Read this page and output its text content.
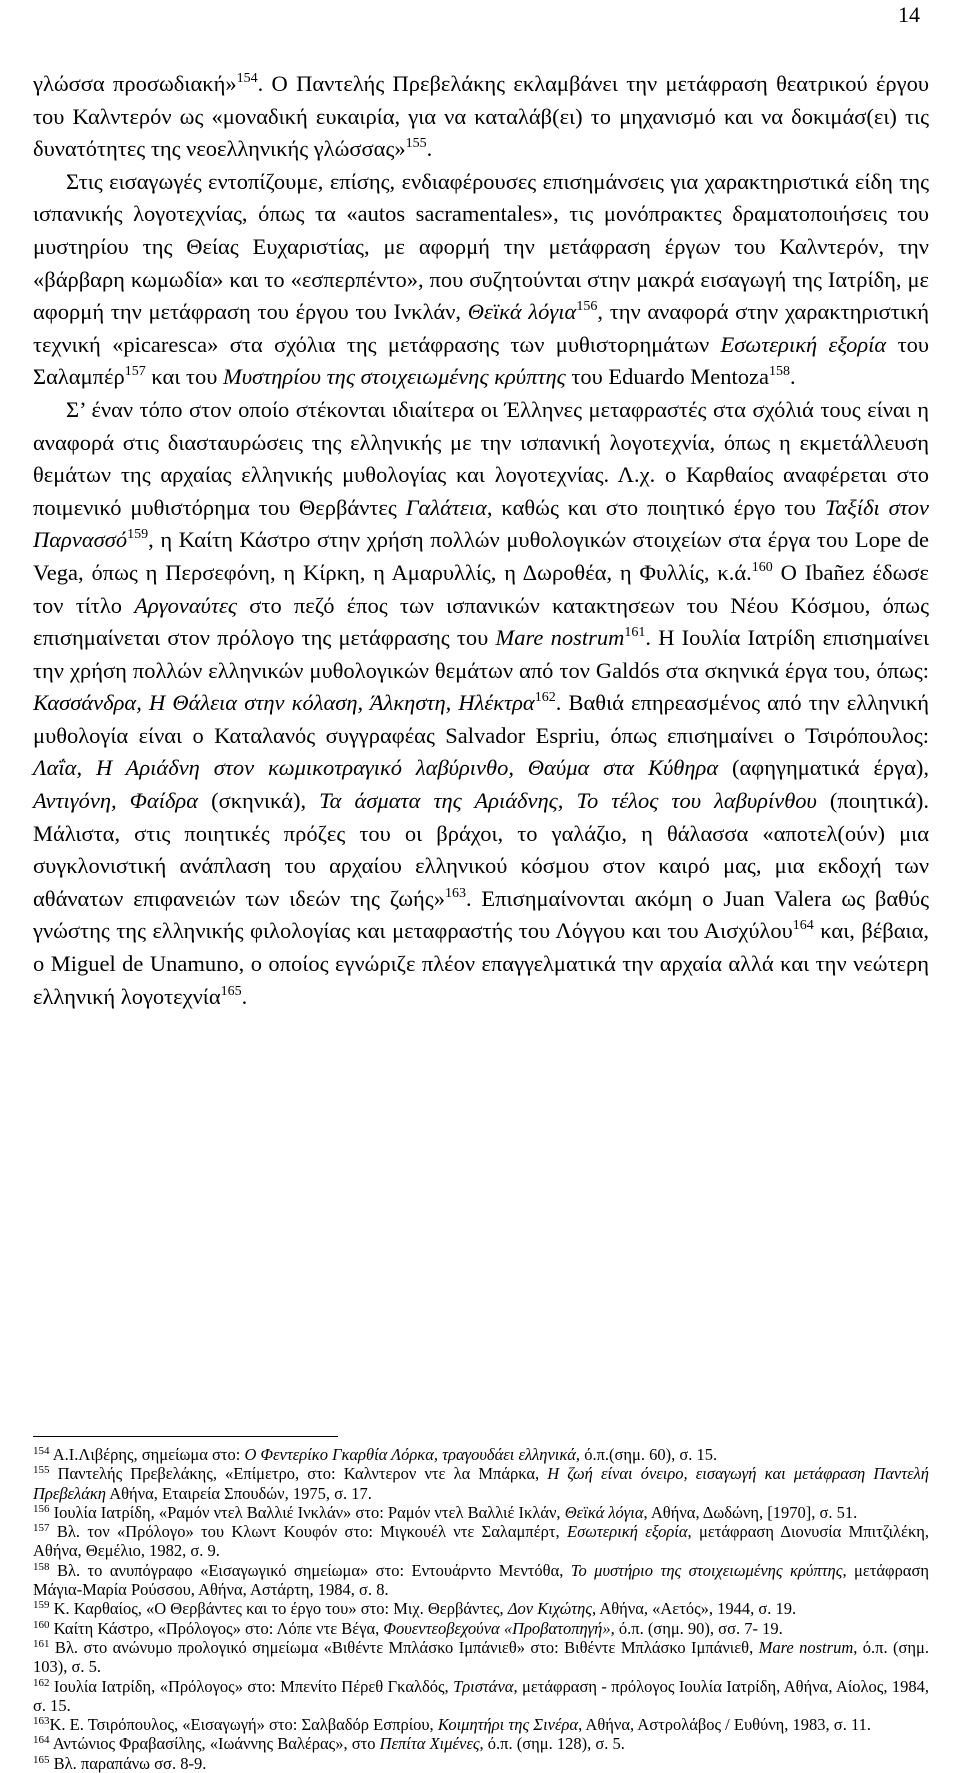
14

γλώσσα προσωδιακή»$^{154}$. Ο Παντελής Πρεβελάκης εκλαμβάνει την μετάφραση θεατρικού έργου του Καλντερόν ως «μοναδική ευκαιρία, για να καταλάβ(ει) το μηχανισμό και να δοκιμάσ(ει) τις δυνατότητες της νεοελληνικής γλώσσας»$^{155}$.

Στις εισαγωγές εντοπίζουμε, επίσης, ενδιαφέρουσες επισημάνσεις για χαρακτηριστικά είδη της ισπανικής λογοτεχνίας, όπως τα «autos sacramentales», τις μονόπρακτες δραματοποιήσεις του μυστηρίου της Θείας Ευχαριστίας, με αφορμή την μετάφραση έργων του Καλντερόν, την «βάρβαρη κωμωδία» και το «εσπερπέντο», που συζητούνται στην μακρά εισαγωγή της Ιατρίδη, με αφορμή την μετάφραση του έργου του Ινκλάν, Θεϊκά λόγια$^{156}$, την αναφορά στην χαρακτηριστική τεχνική «picaresca» στα σχόλια της μετάφρασης των μυθιστορημάτων Εσωτερική εξορία του Σαλαμπέρ$^{157}$ και του Μυστηρίου της στοιχειωμένης κρύπτης του Eduardo Mentoza$^{158}$.

Σ’ έναν τόπο στον οποίο στέκονται ιδιαίτερα οι Έλληνες μεταφραστές στα σχόλιά τους είναι η αναφορά στις διασταυρώσεις της ελληνικής με την ισπανική λογοτεχνία, όπως η εκμετάλλευση θεμάτων της αρχαίας ελληνικής μυθολογίας και λογοτεχνίας. Λ.χ. ο Καρθαίος αναφέρεται στο ποιμενικό μυθιστόρημα του Θερβάντες Γαλάτεια, καθώς και στο ποιητικό έργο του Ταξίδι στον Παρνασσό$^{159}$, η Καίτη Κάστρο στην χρήση πολλών μυθολογικών στοιχείων στα έργα του Lope de Vega, όπως η Περσεφόνη, η Κίρκη, η Αμαρυλλίς, η Δωροθέα, η Φυλλίς, κ.ά.$^{160}$ Ο Ibañez έδωσε τον τίτλο Αργοναύτες στο πεζό έπος των ισπανικών κατακτησεων του Νέου Κόσμου, όπως επισημαίνεται στον πρόλογο της μετάφρασης του Mare nostrum$^{161}$. Η Ιουλία Ιατρίδη επισημαίνει την χρήση πολλών ελληνικών μυθολογικών θεμάτων από τον Galdós στα σκηνικά έργα του, όπως: Κασσάνδρα, Η Θάλεια στην κόλαση, Άλκηστη, Ηλέκτρα$^{162}$. Βαθιά επηρεασμένος από την ελληνική μυθολογία είναι ο Καταλανός συγγραφέας Salvador Espriu, όπως επισημαίνει ο Τσιρόπουλος: Λαΐα, Η Αριάδνη στον κωμικοτραγικό λαβύρινθο, Θαύμα στα Κύθηρα (αφηγηματικά έργα), Αντιγόνη, Φαίδρα (σκηνικά), Τα άσματα της Αριάδνης, Το τέλος του λαβυρίνθου (ποιητικά). Μάλιστα, στις ποιητικές πρόζες του οι βράχοι, το γαλάζιο, η θάλασσα «αποτελ(ούν) μια συγκλονιστική ανάπλαση του αρχαίου ελληνικού κόσμου στον καιρό μας, μια εκδοχή των αθάνατων επιφανειών των ιδεών της ζωής»$^{163}$. Επισημαίνονται ακόμη ο Juan Valera ως βαθύς γνώστης της ελληνικής φιλολογίας και μεταφραστής του Λόγγου και του Αισχύλου$^{164}$ και, βέβαια, ο Miguel de Unamuno, ο οποίος εγνώριζε πλέον επαγγελματικά την αρχαία αλλά και την νεώτερη ελληνική λογοτεχνία$^{165}$.

$^{154}$ Α.Ι.Λιβέρης, σημείωμα στο: Ο Φεντερίκο Γκαρθία Λόρκα, τραγουδάει ελληνικά, ό.π.(σημ. 60), σ. 15.

$^{155}$ Παντελής Πρεβελάκης, «Επίμετρο, στο: Καλντερον ντε λα Μπάρκα, Η ζωή είναι όνειρο, εισαγωγή και μετάφραση Παντελή Πρεβελάκη Αθήνα, Εταιρεία Σπουδών, 1975, σ. 17.

$^{156}$ Ιουλία Ιατρίδη, «Ραμόν ντελ Βαλλιέ Ινκλάν» στο: Ραμόν ντελ Βαλλιέ Ικλάν, Θεϊκά λόγια, Αθήνα, Δωδώνη, [1970], σ. 51.

$^{157}$ Βλ. τον «Πρόλογο» του Κλωντ Κουφόν στο: Μιγκουέλ ντε Σαλαμπέρτ, Εσωτερική εξορία, μετάφραση Διονυσία Μπιτζιλέκη, Αθήνα, Θεμέλιο, 1982, σ. 9.

$^{158}$ Βλ. το ανυπόγραφο «Εισαγωγικό σημείωμα» στο: Εντουάρντο Μεντόθα, Το μυστήριο της στοιχειωμένης κρύπτης, μετάφραση Μάγια-Μαρία Ρούσσου, Αθήνα, Αστάρτη, 1984, σ. 8.

$^{159}$ Κ. Καρθαίος, «Ο Θερβάντες και το έργο του» στο: Μιχ. Θερβάντες, Δον Κιχώτης, Αθήνα, «Αετός», 1944, σ. 19.

$^{160}$ Καίτη Κάστρο, «Πρόλογος» στο: Λόπε ντε Βέγα, Φουεντεοβεχούνα «Προβατοπηγή», ό.π. (σημ. 90), σσ. 7- 19.

$^{161}$ Βλ. στο ανώνυμο προλογικό σημείωμα «Βιθέντε Μπλάσκο Ιμπάνιεθ» στο: Βιθέντε Μπλάσκο Ιμπάνιεθ, Mare nostrum, ό.π. (σημ. 103), σ. 5.

$^{162}$ Ιουλία Ιατρίδη, «Πρόλογος» στο: Μπενίτο Πέρεθ Γκαλδός, Τριστάνα, μετάφραση - πρόλογος Ιουλία Ιατρίδη, Αθήνα, Αίολος, 1984, σ. 15.

$^{163}$Κ. Ε. Τσιρόπουλος, «Εισαγωγή» στο: Σαλβαδόρ Εσπρίου, Κοιμητήρι της Σινέρα, Αθήνα, Αστρολάβος / Ευθύνη, 1983, σ. 11.

$^{164}$ Αντώνιος Φραβασίλης, «Ιωάννης Βαλέρας», στο Πεπίτα Χιμένες, ό.π. (σημ. 128), σ. 5.

$^{165}$ Βλ. παραπάνω σσ. 8-9.
